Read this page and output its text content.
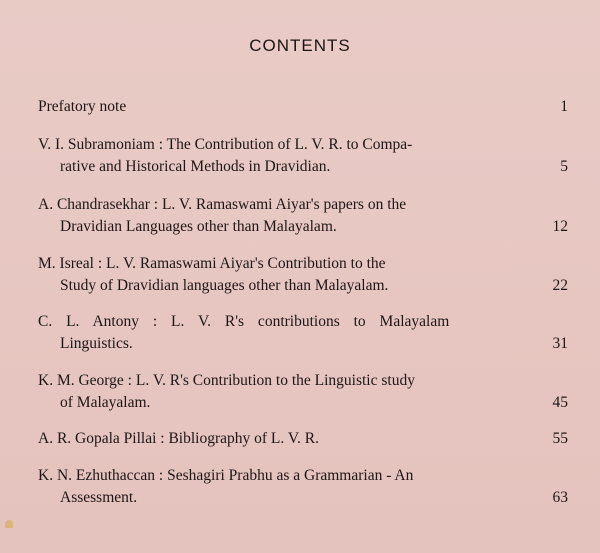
CONTENTS
Prefatory note	1
V. I. Subramoniam : The Contribution of L. V. R. to Compa-
rative and Historical Methods in Dravidian.	5
A. Chandrasekhar : L. V. Ramaswami Aiyar's papers on the
Dravidian Languages other than Malayalam.	12
M. Isreal : L. V. Ramaswami Aiyar's Contribution to the
Study of Dravidian languages other than Malayalam.	22
C. L. Antony : L. V. R's contributions to Malayalam
Linguistics.	31
K. M. George : L. V. R's Contribution to the Linguistic study
of Malayalam.	45
A. R. Gopala Pillai : Bibliography of L. V. R.	55
K. N. Ezhuthaccan : Seshagiri Prabhu as a Grammarian - An
Assessment.	63
